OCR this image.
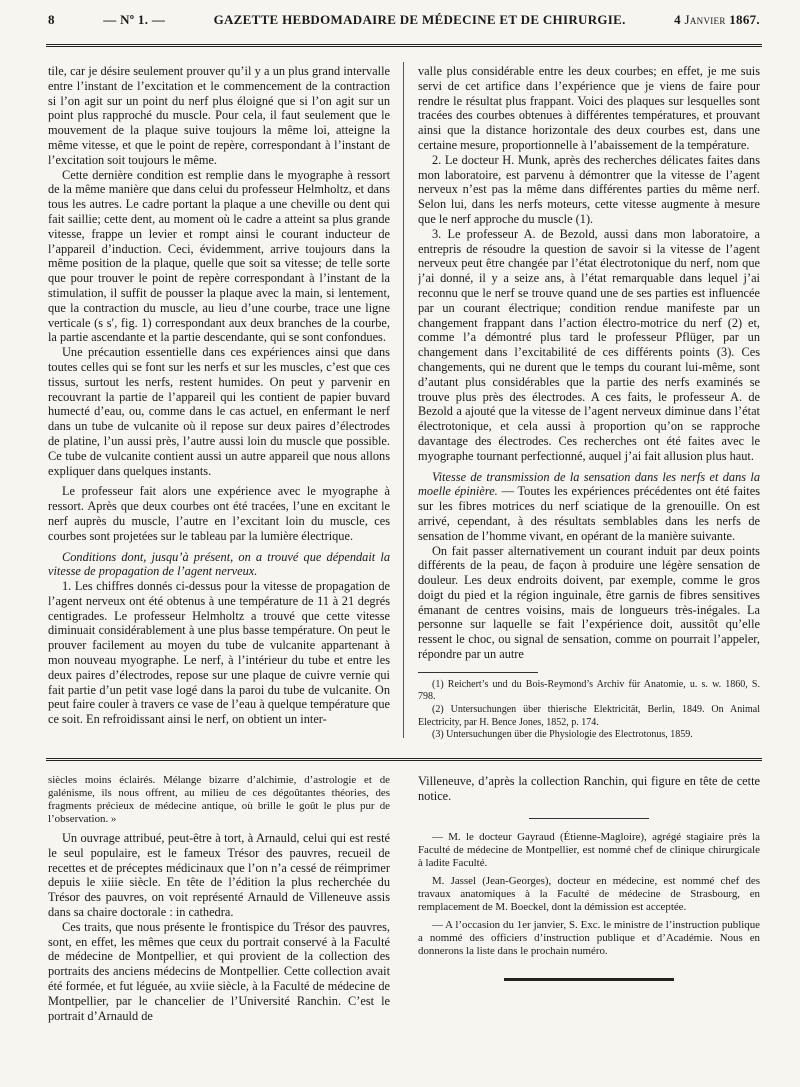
8	— Nº 1. —	GAZETTE HEBDOMADAIRE DE MÉDECINE ET DE CHIRURGIE.	4 Janvier 1867.

tile, car je désire seulement prouver qu’il y a un plus grand intervalle entre l’instant de l’excitation et le commencement de la contraction si l’on agit sur un point du nerf plus éloigné que si l’on agit sur un point plus rapproché du muscle. Pour cela, il faut seulement que le mouvement de la plaque suive toujours la même loi, atteigne la même vitesse, et que le point de repère, correspondant à l’instant de l’excitation soit toujours le même.

Cette dernière condition est remplie dans le myographe à ressort de la même manière que dans celui du professeur Helmholtz, et dans tous les autres. Le cadre portant la plaque a une cheville ou dent qui fait saillie; cette dent, au moment où le cadre a atteint sa plus grande vitesse, frappe un levier et rompt ainsi le courant inducteur de l’appareil d’induction. Ceci, évidemment, arrive toujours dans la même position de la plaque, quelle que soit sa vitesse; de telle sorte que pour trouver le point de repère correspondant à l’instant de la stimulation, il suffit de pousser la plaque avec la main, si lentement, que la contraction du muscle, au lieu d’une courbe, trace une ligne verticale (s s′, fig. 1) correspondant aux deux branches de la courbe, la partie ascendante et la partie descendante, qui se sont confondues.

Une précaution essentielle dans ces expériences ainsi que dans toutes celles qui se font sur les nerfs et sur les muscles, c’est que ces tissus, surtout les nerfs, restent humides. On peut y parvenir en recouvrant la partie de l’appareil qui les contient de papier buvard humecté d’eau, ou, comme dans le cas actuel, en enfermant le nerf dans un tube de vulcanite où il repose sur deux paires d’électrodes de platine, l’un aussi près, l’autre aussi loin du muscle que possible. Ce tube de vulcanite contient aussi un autre appareil que nous allons expliquer dans quelques instants.

Le professeur fait alors une expérience avec le myographe à ressort. Après que deux courbes ont été tracées, l’une en excitant le nerf auprès du muscle, l’autre en l’excitant loin du muscle, ces courbes sont projetées sur le tableau par la lumière électrique.

Conditions dont, jusqu’à présent, on a trouvé que dépendait la vitesse de propagation de l’agent nerveux.

1. Les chiffres donnés ci-dessus pour la vitesse de propagation de l’agent nerveux ont été obtenus à une température de 11 à 21 degrés centigrades. Le professeur Helmholtz a trouvé que cette vitesse diminuait considérablement à une plus basse température. On peut le prouver facilement au moyen du tube de vulcanite appartenant à mon nouveau myographe. Le nerf, à l’intérieur du tube et entre les deux paires d’électrodes, repose sur une plaque de cuivre vernie qui fait partie d’un petit vase logé dans la paroi du tube de vulcanite. On peut faire couler à travers ce vase de l’eau à quelque température que ce soit. En refroidissant ainsi le nerf, on obtient un inter-

valle plus considérable entre les deux courbes; en effet, je me suis servi de cet artifice dans l’expérience que je viens de faire pour rendre le résultat plus frappant. Voici des plaques sur lesquelles sont tracées des courbes obtenues à différentes températures, et prouvant ainsi que la distance horizontale des deux courbes est, dans une certaine mesure, proportionnelle à l’abaissement de la température.

2. Le docteur H. Munk, après des recherches délicates faites dans mon laboratoire, est parvenu à démontrer que la vitesse de l’agent nerveux n’est pas la même dans différentes parties du même nerf. Selon lui, dans les nerfs moteurs, cette vitesse augmente à mesure que le nerf approche du muscle (1).

3. Le professeur A. de Bezold, aussi dans mon laboratoire, a entrepris de résoudre la question de savoir si la vitesse de l’agent nerveux peut être changée par l’état électrotonique du nerf, nom que j’ai donné, il y a seize ans, à l’état remarquable dans lequel j’ai reconnu que le nerf se trouve quand une de ses parties est influencée par un courant électrique; condition rendue manifeste par un changement frappant dans l’action électro-motrice du nerf (2) et, comme l’a démontré plus tard le professeur Pflüger, par un changement dans l’excitabilité de ces différents points (3). Ces changements, qui ne durent que le temps du courant lui-même, sont d’autant plus considérables que la partie des nerfs examinés se trouve plus près des électrodes. A ces faits, le professeur A. de Bezold a ajouté que la vitesse de l’agent nerveux diminue dans l’état électrotonique, et cela aussi à proportion qu’on se rapproche davantage des électrodes. Ces recherches ont été faites avec le myographe tournant perfectionné, auquel j’ai fait allusion plus haut.

Vitesse de transmission de la sensation dans les nerfs et dans la moelle épinière. — Toutes les expériences précédentes ont été faites sur les fibres motrices du nerf sciatique de la grenouille. On est arrivé, cependant, à des résultats semblables dans les nerfs de sensation de l’homme vivant, en opérant de la manière suivante.

On fait passer alternativement un courant induit par deux points différents de la peau, de façon à produire une légère sensation de douleur. Les deux endroits doivent, par exemple, comme le gros doigt du pied et la région inguinale, être garnis de fibres sensitives émanant de centres voisins, mais de longueurs très-inégales. La personne sur laquelle se fait l’expérience doit, aussitôt qu’elle ressent le choc, ou signal de sensation, comme on pourrait l’appeler, répondre par un autre

(1) Reichert’s und du Bois-Reymond’s Archiv für Anatomie, u. s. w. 1860, S. 798.

(2) Untersuchungen über thierische Elektricität, Berlin, 1849. On Animal Electricity, par H. Bence Jones, 1852, p. 174.

(3) Untersuchungen über die Physiologie des Electrotonus, 1859.

siècles moins éclairés. Mélange bizarre d’alchimie, d’astrologie et de galénisme, ils nous offrent, au milieu de ces dégoûtantes théories, des fragments précieux de médecine antique, où brille le goût le plus pur de l’observation. »

Un ouvrage attribué, peut-être à tort, à Arnauld, celui qui est resté le seul populaire, est le fameux Trésor des pauvres, recueil de recettes et de préceptes médicinaux que l’on n’a cessé de réimprimer depuis le xiiie siècle. En tête de l’édition la plus recherchée du Trésor des pauvres, on voit représenté Arnauld de Villeneuve assis dans sa chaire doctorale : in cathedra.

Ces traits, que nous présente le frontispice du Trésor des pauvres, sont, en effet, les mêmes que ceux du portrait conservé à la Faculté de médecine de Montpellier, et qui provient de la collection des portraits des anciens médecins de Montpellier. Cette collection avait été formée, et fut léguée, au xviie siècle, à la Faculté de médecine de Montpellier, par le chancelier de l’Université Ranchin. C’est le portrait d’Arnauld de

Villeneuve, d’après la collection Ranchin, qui figure en tête de cette notice.

— M. le docteur Gayraud (Étienne-Magloire), agrégé stagiaire près la Faculté de médecine de Montpellier, est nommé chef de clinique chirurgicale à ladite Faculté.

M. Jassel (Jean-Georges), docteur en médecine, est nommé chef des travaux anatomiques à la Faculté de médecine de Strasbourg, en remplacement de M. Boeckel, dont la démission est acceptée.

— A l’occasion du 1er janvier, S. Exc. le ministre de l’instruction publique a nommé des officiers d’instruction publique et d’Académie. Nous en donnerons la liste dans le prochain numéro.
